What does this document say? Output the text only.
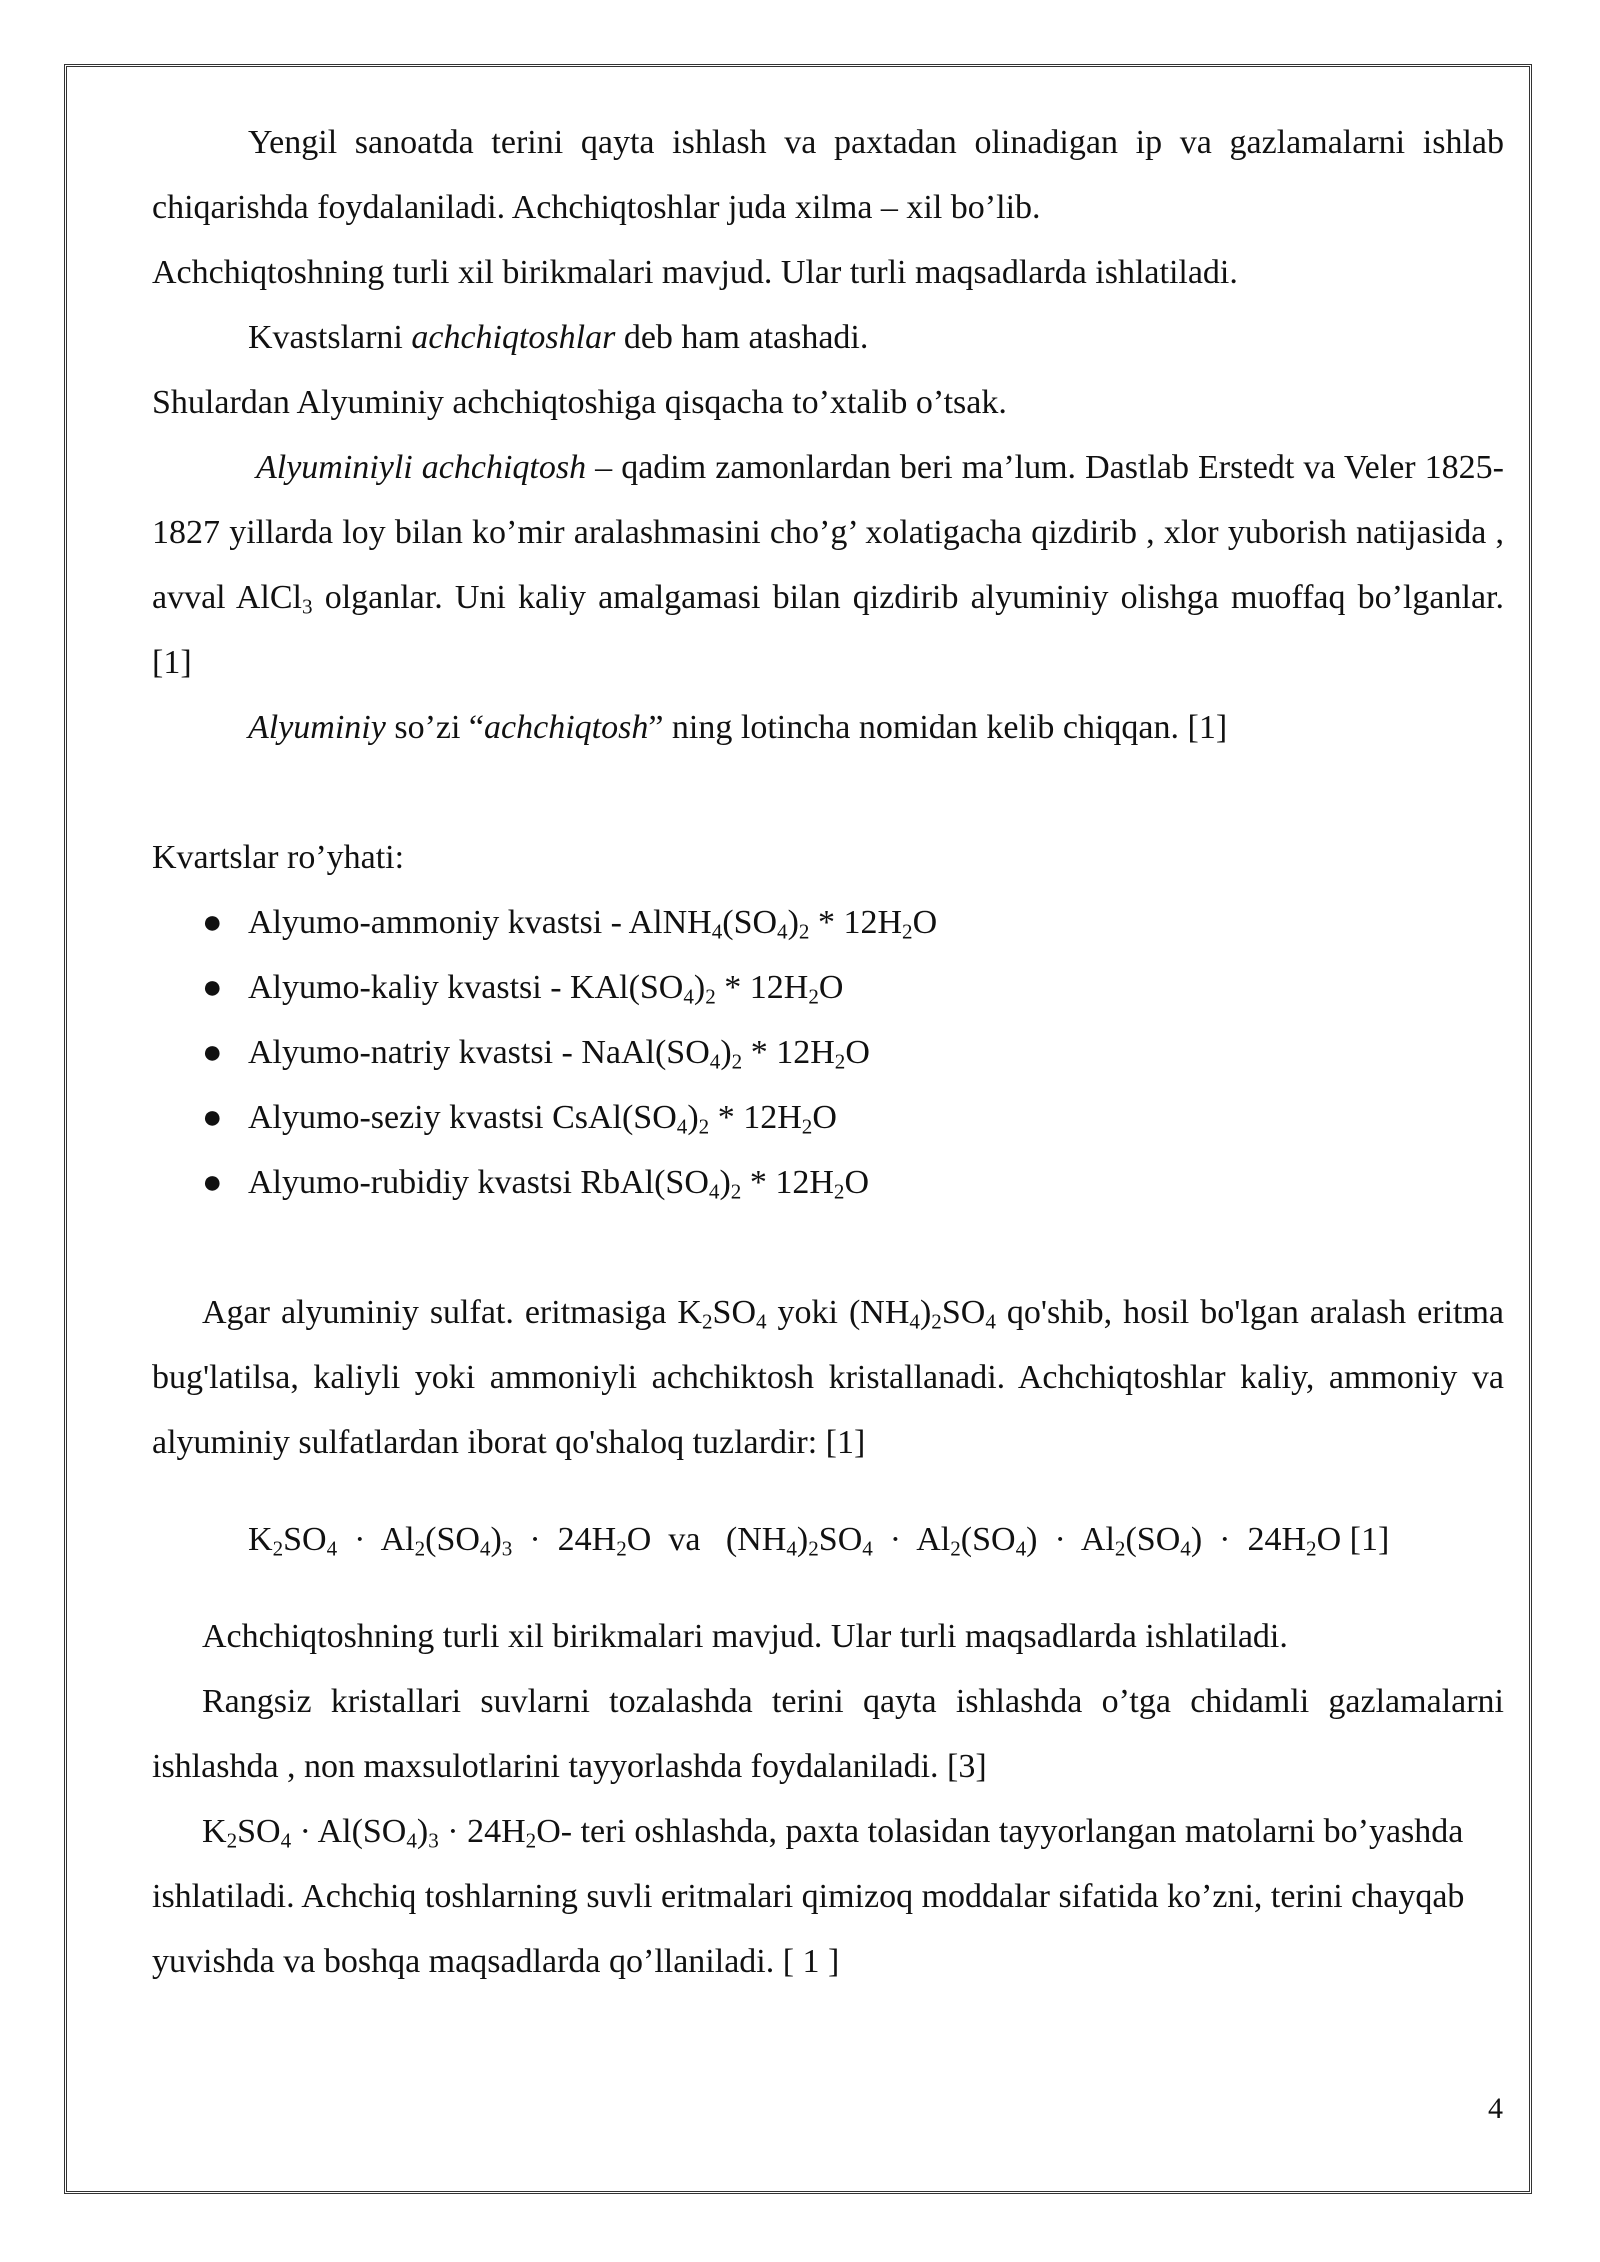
Yengil sanoatda terini qayta ishlash va paxtadan olinadigan ip va gazlamalarni ishlab chiqarishda foydalaniladi. Achchiqtoshlar juda xilma – xil bo’lib.

Achchiqtoshning turli xil birikmalari mavjud. Ular turli maqsadlarda ishlatiladi.

Kvastslarni achchiqtoshlar deb ham atashadi.

Shulardan Alyuminiy achchiqtoshiga qisqacha to’xtalib o’tsak.

Alyuminiyli achchiqtosh – qadim zamonlardan beri ma’lum. Dastlab Erstedt va Veler 1825-1827 yillarda loy bilan ko’mir aralashmasini cho’g’ xolatigacha qizdirib , xlor yuborish natijasida , avval AlCl$_3$ olganlar. Uni kaliy amalgamasi bilan qizdirib alyuminiy olishga muoffaq bo’lganlar. [1]

Alyuminiy so’zi “achchiqtosh” ning lotincha nomidan kelib chiqqan. [1]

Kvartslar ro’yhati:

● Alyumo-ammoniy kvastsi - $AlNH_4(SO_4)_2 * 12H_2O$
● Alyumo-kaliy kvastsi - $KAl(SO_4)_2 * 12H_2O$
● Alyumo-natriy kvastsi - $NaAl(SO_4)_2 * 12H_2O$
● Alyumo-seziy kvastsi $CsAl(SO_4)_2 * 12H_2O$
● Alyumo-rubidiy kvastsi $RbAl(SO_4)_2 * 12H_2O$

Agar alyuminiy sulfat. eritmasiga $K_2SO_4$ yoki $(NH_4)_2SO_4$ qo'shib, hosil bo'lgan aralash eritma bug'latilsa, kaliyli yoki ammoniyli achchiktosh kristallanadi. Achchiqtoshlar kaliy, ammoniy va alyuminiy sulfatlardan iborat qo'shaloq tuzlardir: [1]

$K_2SO_4 \cdot Al_2(SO_4)_3 \cdot 24H_2O$  va   $(NH_4)_2SO_4 \cdot Al_2(SO_4) \cdot Al_2(SO_4) \cdot 24H_2O$ [1]

Achchiqtoshning turli xil birikmalari mavjud. Ular turli maqsadlarda ishlatiladi.

Rangsiz kristallari suvlarni tozalashda terini qayta ishlashda o’tga chidamli gazlamalarni ishlashda , non maxsulotlarini tayyorlashda foydalaniladi. [3]

$K_2SO_4 \cdot Al(SO_4)_3 \cdot 24H_2O-$ teri oshlashda, paxta tolasidan tayyorlangan matolarni bo’yashda ishlatiladi. Achchiq toshlarning suvli eritmalari qimizoq moddalar sifatida ko’zni, terini chayqab yuvishda va boshqa maqsadlarda qo’llaniladi. [ 1 ]

4
